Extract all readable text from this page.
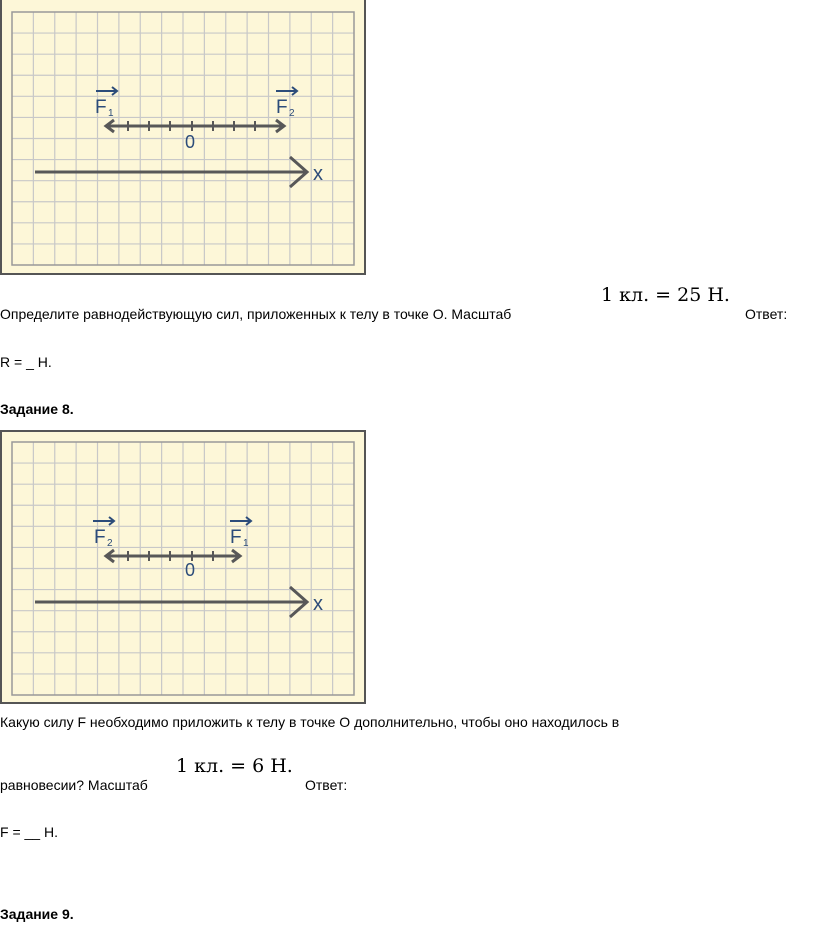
x
0
F 1	F 2
Определите равнодействующую сил, приложенных к телу в точке О. Масштаб
1 кл. = 25 Н.
Ответ:
R = _ Н.
Задание 8.
x
0
F 2	F 1
Какую силу F необходимо приложить к телу в точке О дополнительно, чтобы оно находилось в
равновесии? Масштаб
1 кл. = 6 Н.
Ответ:
F = __ Н.
Задание 9.
